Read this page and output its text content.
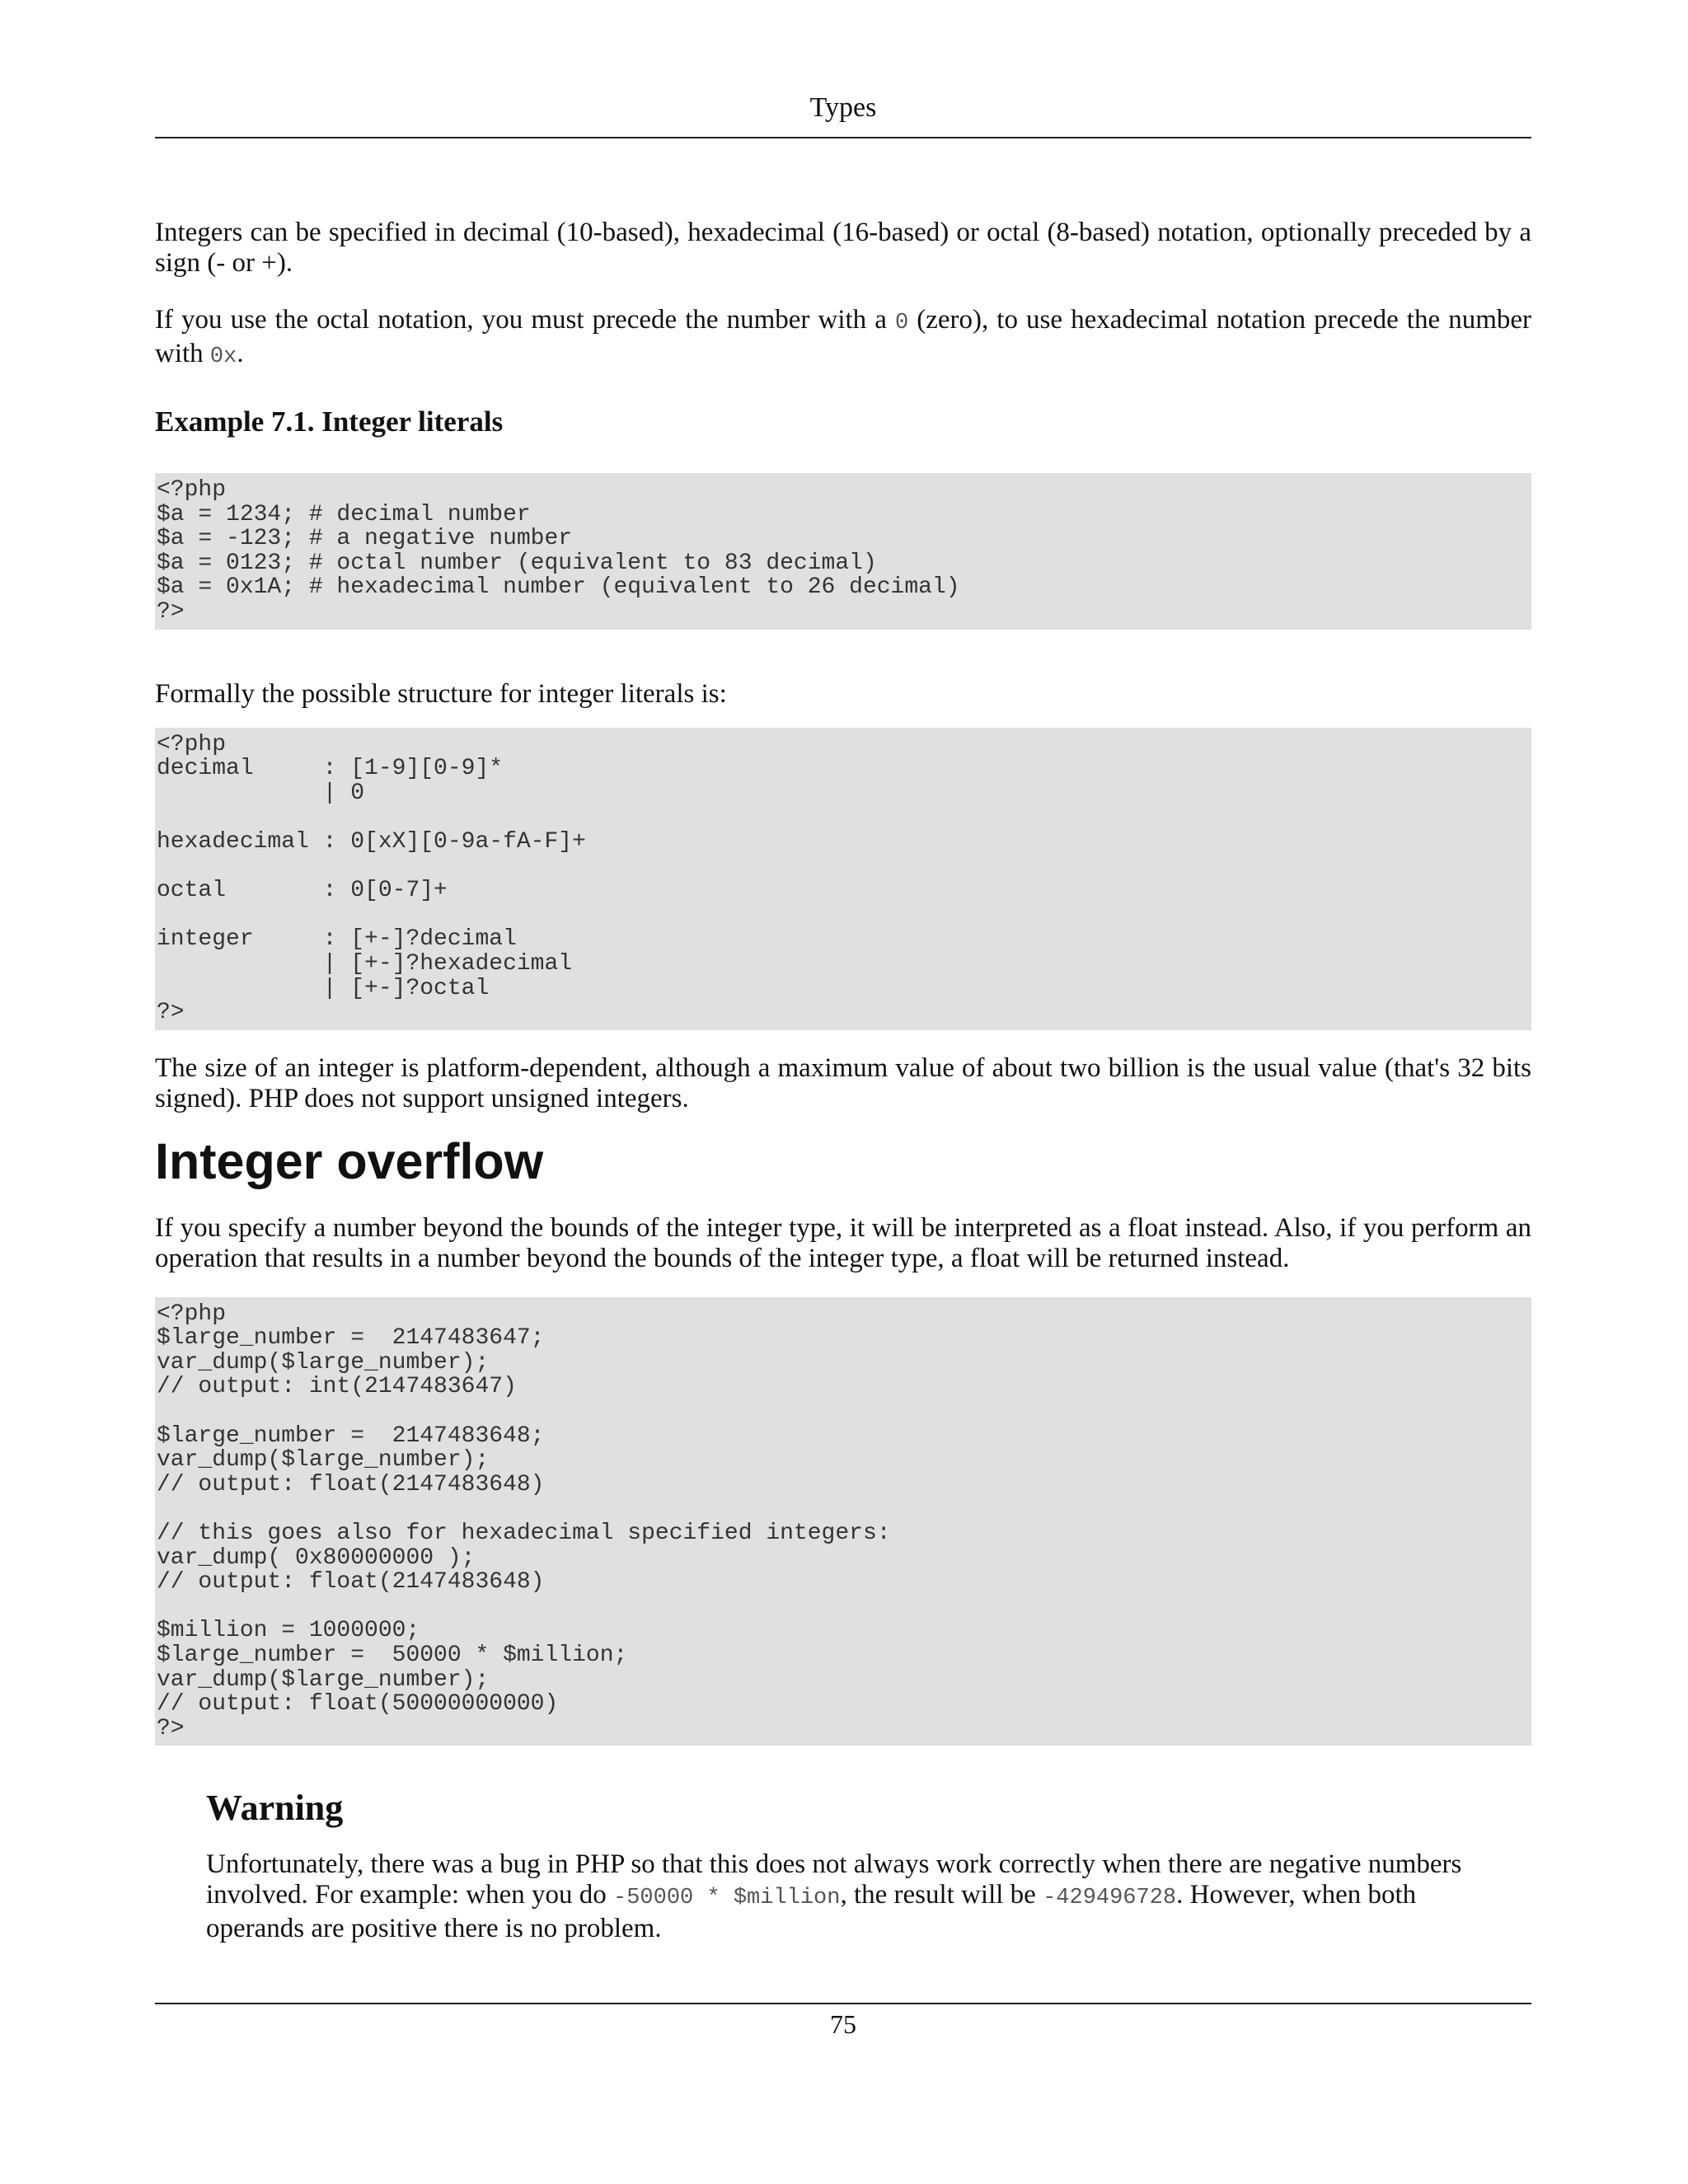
Types

Integers can be specified in decimal (10-based), hexadecimal (16-based) or octal (8-based) notation, optionally preceded by a sign (- or +).

If you use the octal notation, you must precede the number with a 0 (zero), to use hexadecimal notation precede the number with 0x.

Example 7.1. Integer literals
<?php
$a = 1234; # decimal number
$a = -123; # a negative number
$a = 0123; # octal number (equivalent to 83 decimal)
$a = 0x1A; # hexadecimal number (equivalent to 26 decimal)
?>

Formally the possible structure for integer literals is:

<?php
decimal     : [1-9][0-9]*
| 0

hexadecimal : 0[xX][0-9a-fA-F]+

octal       : 0[0-7]+

integer     : [+-]?decimal
| [+-]?hexadecimal
| [+-]?octal
?>

The size of an integer is platform-dependent, although a maximum value of about two billion is the usual value (that's 32 bits signed). PHP does not support unsigned integers.

Integer overflow

If you specify a number beyond the bounds of the integer type, it will be interpreted as a float instead. Also, if you perform an operation that results in a number beyond the bounds of the integer type, a float will be returned instead.

<?php
$large_number =  2147483647;
var_dump($large_number);
// output: int(2147483647)

$large_number =  2147483648;
var_dump($large_number);
// output: float(2147483648)

// this goes also for hexadecimal specified integers:
var_dump( 0x80000000 );
// output: float(2147483648)

$million = 1000000;
$large_number =  50000 * $million;
var_dump($large_number);
// output: float(50000000000)
?>
Warning

Unfortunately, there was a bug in PHP so that this does not always work correctly when there are negative numbers involved. For example: when you do -50000 * $million, the result will be -429496728. However, when both operands are positive there is no problem.

75
